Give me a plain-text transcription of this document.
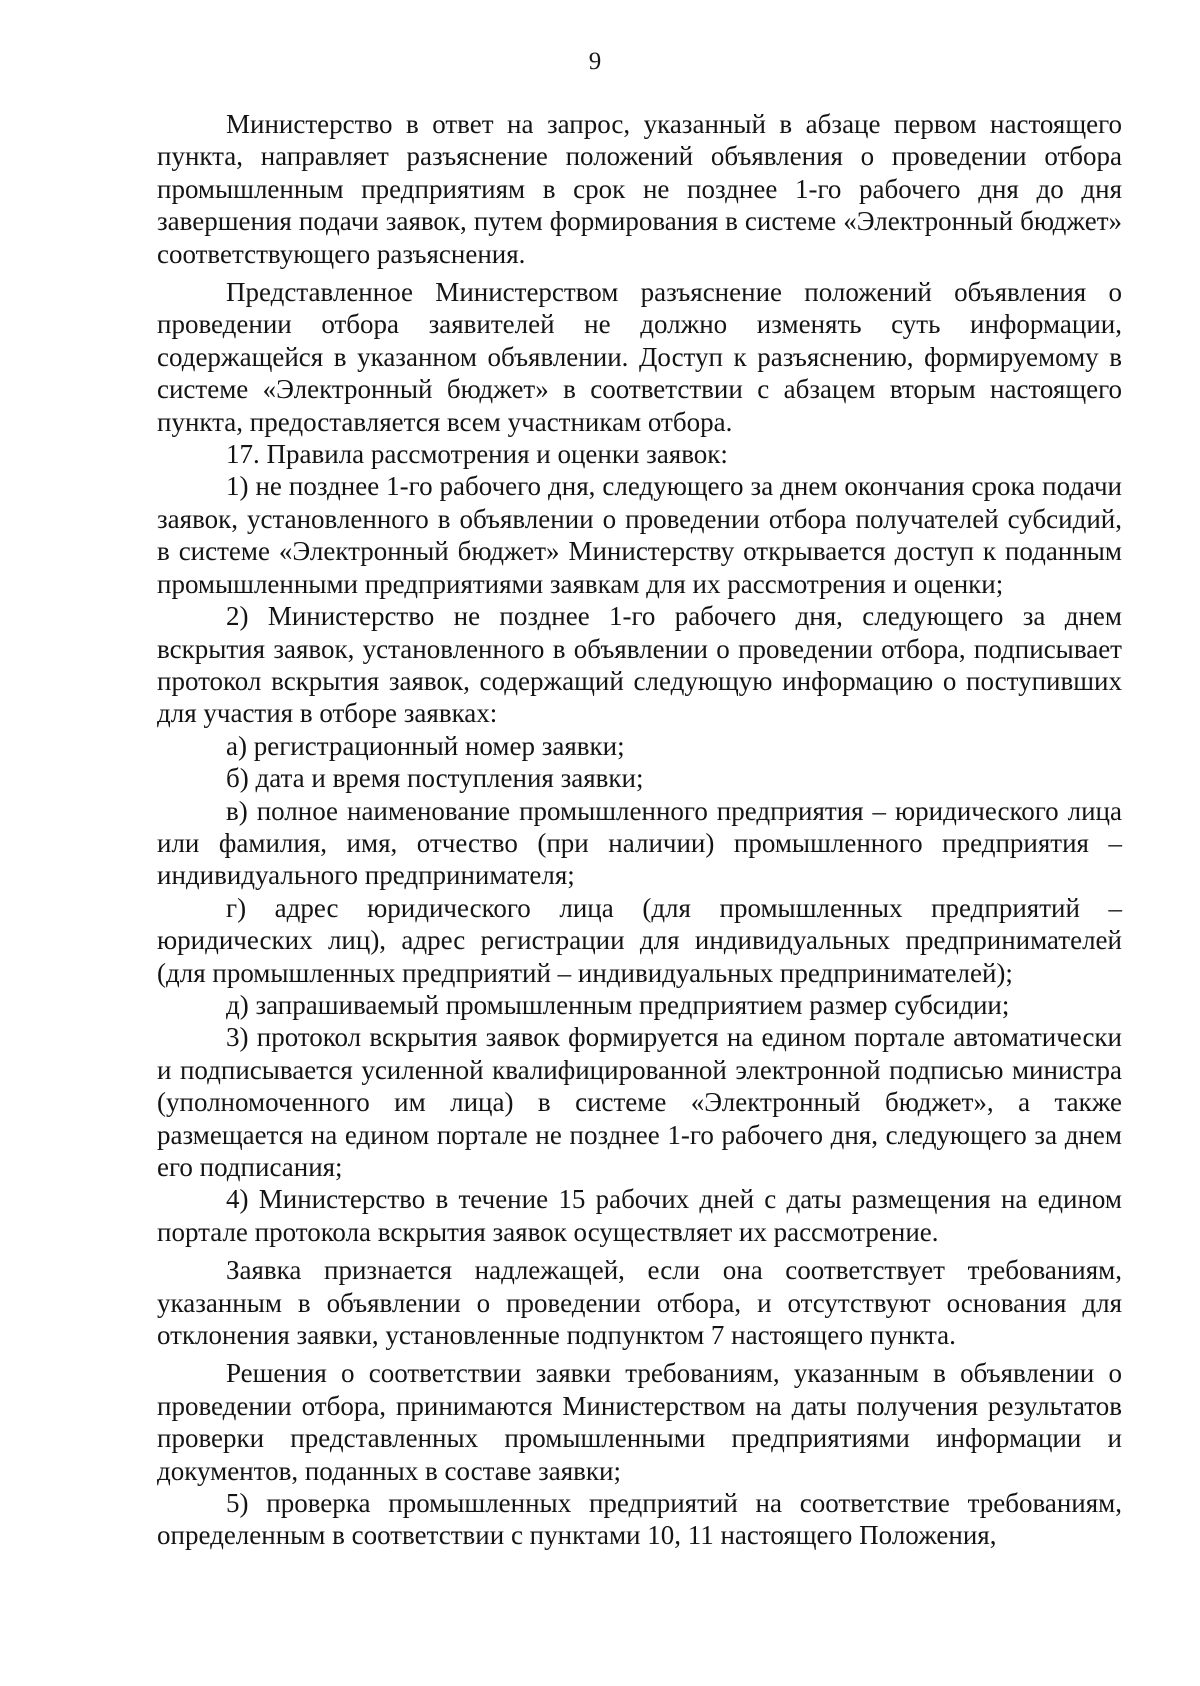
9

Министерство в ответ на запрос, указанный в абзаце первом настоящего пункта, направляет разъяснение положений объявления о проведении отбора промышленным предприятиям в срок не позднее 1-го рабочего дня до дня завершения подачи заявок, путем формирования в системе «Электронный бюджет» соответствующего разъяснения.

Представленное Министерством разъяснение положений объявления о проведении отбора заявителей не должно изменять суть информации, содержащейся в указанном объявлении. Доступ к разъяснению, формируемому в системе «Электронный бюджет» в соответствии с абзацем вторым настоящего пункта, предоставляется всем участникам отбора.

17. Правила рассмотрения и оценки заявок:

1) не позднее 1-го рабочего дня, следующего за днем окончания срока подачи заявок, установленного в объявлении о проведении отбора получателей субсидий, в системе «Электронный бюджет» Министерству открывается доступ к поданным промышленными предприятиями заявкам для их рассмотрения и оценки;

2) Министерство не позднее 1-го рабочего дня, следующего за днем вскрытия заявок, установленного в объявлении о проведении отбора, подписывает протокол вскрытия заявок, содержащий следующую информацию о поступивших для участия в отборе заявках:

а) регистрационный номер заявки;

б) дата и время поступления заявки;

в) полное наименование промышленного предприятия – юридического лица или фамилия, имя, отчество (при наличии) промышленного предприятия – индивидуального предпринимателя;

г) адрес юридического лица (для промышленных предприятий – юридических лиц), адрес регистрации для индивидуальных предпринимателей (для промышленных предприятий – индивидуальных предпринимателей);

д) запрашиваемый промышленным предприятием размер субсидии;

3) протокол вскрытия заявок формируется на едином портале автоматически и подписывается усиленной квалифицированной электронной подписью министра (уполномоченного им лица) в системе «Электронный бюджет», а также размещается на едином портале не позднее 1-го рабочего дня, следующего за днем его подписания;

4) Министерство в течение 15 рабочих дней с даты размещения на едином портале протокола вскрытия заявок осуществляет их рассмотрение.

Заявка признается надлежащей, если она соответствует требованиям, указанным в объявлении о проведении отбора, и отсутствуют основания для отклонения заявки, установленные подпунктом 7 настоящего пункта.

Решения о соответствии заявки требованиям, указанным в объявлении о проведении отбора, принимаются Министерством на даты получения результатов проверки представленных промышленными предприятиями информации и документов, поданных в составе заявки;

5) проверка промышленных предприятий на соответствие требованиям, определенным в соответствии с пунктами 10, 11 настоящего Положения,
